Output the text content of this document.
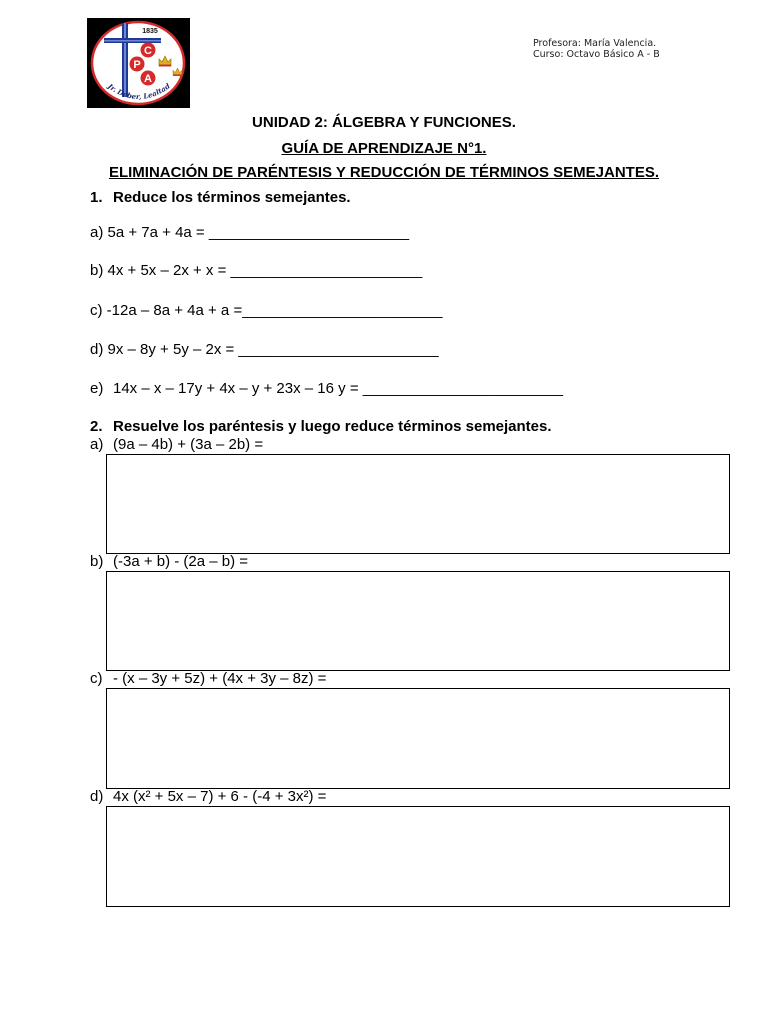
1835
C
P
A
Jr. Deber, Lealtad
Profesora: María Valencia.
Curso: Octavo Básico A - B
UNIDAD 2: ÁLGEBRA Y FUNCIONES.
GUÍA DE APRENDIZAJE N°1.
ELIMINACIÓN DE PARÉNTESIS Y REDUCCIÓN DE TÉRMINOS SEMEJANTES.
1. Reduce los términos semejantes.
a) 5a + 7a + 4a = ________________________
b) 4x + 5x – 2x + x = _______________________
c) -12a – 8a + 4a + a =________________________
d) 9x – 8y + 5y – 2x = ________________________
e) 14x – x – 17y + 4x – y + 23x – 16 y = ________________________
2. Resuelve los paréntesis y luego reduce términos semejantes.
a) (9a – 4b) + (3a – 2b) =
b) (-3a + b) - (2a – b) =
c) - (x – 3y + 5z) + (4x + 3y – 8z) =
d) 4x (x² + 5x – 7) + 6 - (-4 + 3x²) =
